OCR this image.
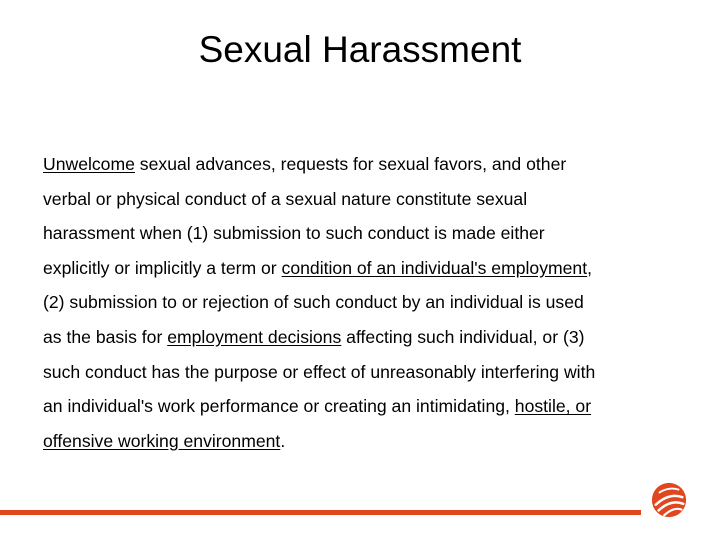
Sexual Harassment
Unwelcome sexual advances, requests for sexual favors, and other
verbal or physical conduct of a sexual nature constitute sexual
harassment when (1) submission to such conduct is made either
explicitly or implicitly a term or condition of an individual's employment,
(2) submission to or rejection of such conduct by an individual is used
as the basis for employment decisions affecting such individual, or (3)
such conduct has the purpose or effect of unreasonably interfering with
an individual's work performance or creating an intimidating, hostile, or
offensive working environment.
